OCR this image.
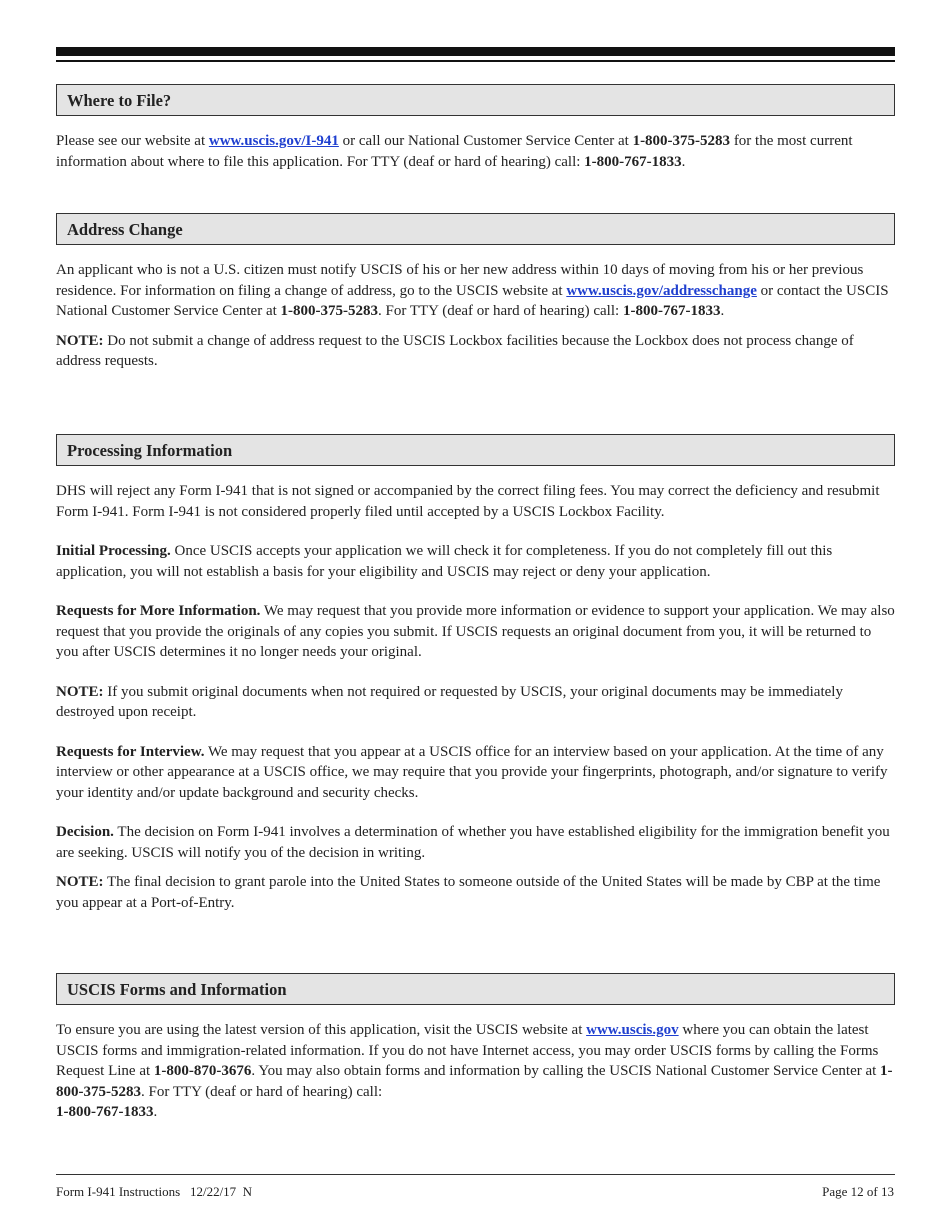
Where to File?

Please see our website at www.uscis.gov/I-941 or call our National Customer Service Center at 1-800-375-5283 for the most current information about where to file this application. For TTY (deaf or hard of hearing) call: 1-800-767-1833.

Address Change

An applicant who is not a U.S. citizen must notify USCIS of his or her new address within 10 days of moving from his or her previous residence. For information on filing a change of address, go to the USCIS website at www.uscis.gov/addresschange or contact the USCIS National Customer Service Center at 1-800-375-5283. For TTY (deaf or hard of hearing) call: 1-800-767-1833.

NOTE: Do not submit a change of address request to the USCIS Lockbox facilities because the Lockbox does not process change of address requests.

Processing Information

DHS will reject any Form I-941 that is not signed or accompanied by the correct filing fees. You may correct the deficiency and resubmit Form I-941. Form I-941 is not considered properly filed until accepted by a USCIS Lockbox Facility.

Initial Processing. Once USCIS accepts your application we will check it for completeness. If you do not completely fill out this application, you will not establish a basis for your eligibility and USCIS may reject or deny your application.

Requests for More Information. We may request that you provide more information or evidence to support your application. We may also request that you provide the originals of any copies you submit. If USCIS requests an original document from you, it will be returned to you after USCIS determines it no longer needs your original.

NOTE: If you submit original documents when not required or requested by USCIS, your original documents may be immediately destroyed upon receipt.

Requests for Interview. We may request that you appear at a USCIS office for an interview based on your application. At the time of any interview or other appearance at a USCIS office, we may require that you provide your fingerprints, photograph, and/or signature to verify your identity and/or update background and security checks.

Decision. The decision on Form I-941 involves a determination of whether you have established eligibility for the immigration benefit you are seeking. USCIS will notify you of the decision in writing.

NOTE: The final decision to grant parole into the United States to someone outside of the United States will be made by CBP at the time you appear at a Port-of-Entry.

USCIS Forms and Information

To ensure you are using the latest version of this application, visit the USCIS website at www.uscis.gov where you can obtain the latest USCIS forms and immigration-related information. If you do not have Internet access, you may order USCIS forms by calling the Forms Request Line at 1-800-870-3676. You may also obtain forms and information by calling the USCIS National Customer Service Center at 1-800-375-5283. For TTY (deaf or hard of hearing) call:
1-800-767-1833.

Form I-941 Instructions   12/22/17  N	Page 12 of 13
